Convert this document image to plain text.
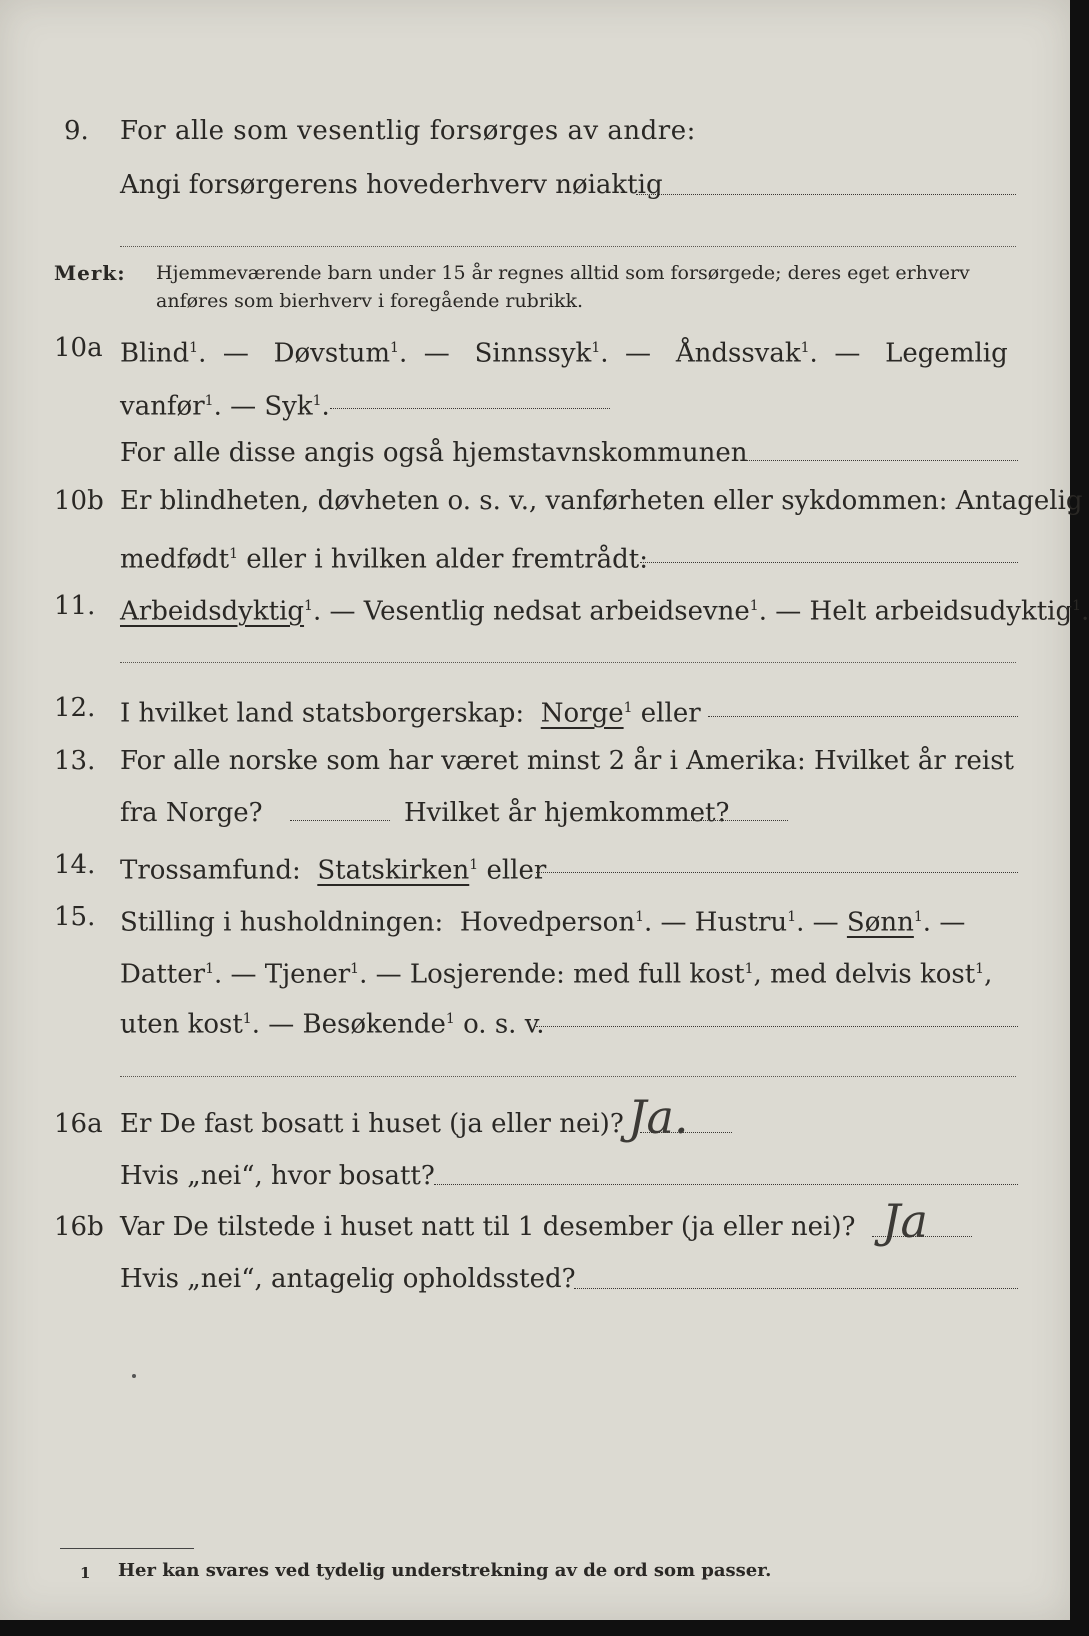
9. For alle som vesentlig forsørges av andre:
Angi forsørgerens hovederhverv nøiaktig
Merk: Hjemmeværende barn under 15 år regnes alltid som forsørgede; deres eget erhverv
anføres som bierhverv i foregående rubrikk.
10a Blind$^1$.  — Døvstum$^1$.  — Sinnssyk$^1$.  — Åndssvak$^1$.  — Legemlig
vanfør$^1$. — Syk$^1$.
For alle disse angis også hjemstavnskommunen
10b Er blindheten, døvheten o. s. v., vanførheten eller sykdommen: Antagelig
medfødt$^1$ eller i hvilken alder fremtrådt:
11. Arbeidsdyktig$^1$. — Vesentlig nedsat arbeidsevne$^1$. — Helt arbeidsudyktig$^1$.
12. I hvilket land statsborgerskap: Norge$^1$ eller
13. For alle norske som har været minst 2 år i Amerika: Hvilket år reist
fra Norge?	Hvilket år hjemkommet?
14. Trossamfund: Statskirken$^1$ eller
15. Stilling i husholdningen: Hovedperson$^1$. — Hustru$^1$. — Sønn$^1$. —
Datter$^1$. — Tjener$^1$. — Losjerende: med full kost$^1$, med delvis kost$^1$,
uten kost$^1$. — Besøkende$^1$ o. s. v.
16a Er De fast bosatt i huset (ja eller nei)? Ja.
Hvis „nei“, hvor bosatt?
16b Var De tilstede i huset natt til 1 desember (ja eller nei)? Ja
Hvis „nei“, antagelig opholdssted?
1 Her kan svares ved tydelig understrekning av de ord som passer.
